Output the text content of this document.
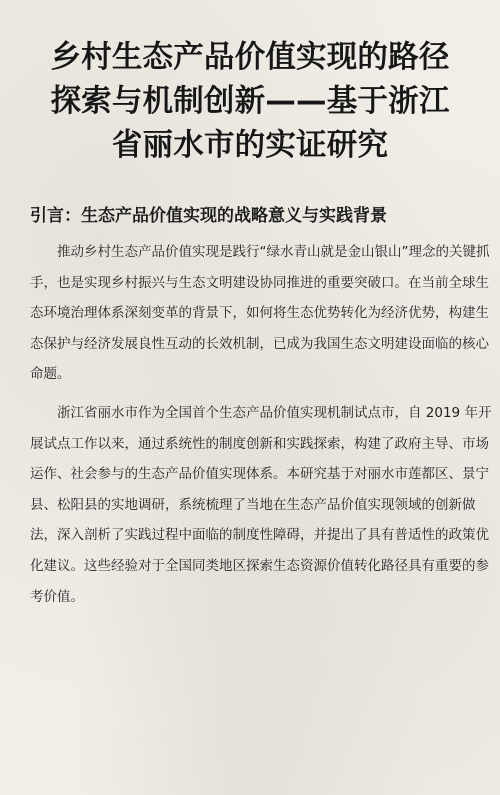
乡村生态产品价值实现的路径
探索与机制创新——基于浙江
省丽水市的实证研究
引言：生态产品价值实现的战略意义与实践背景

推动乡村生态产品价值实现是践行“绿水青山就是金山银山”理念的关键抓
手，也是实现乡村振兴与生态文明建设协同推进的重要突破口。在当前全球生
态环境治理体系深刻变革的背景下，如何将生态优势转化为经济优势，构建生
态保护与经济发展良性互动的长效机制，已成为我国生态文明建设面临的核心
命题。

浙江省丽水市作为全国首个生态产品价值实现机制试点市，自 2019 年开
展试点工作以来，通过系统性的制度创新和实践探索，构建了政府主导、市场
运作、社会参与的生态产品价值实现体系。本研究基于对丽水市莲都区、景宁
县、松阳县的实地调研，系统梳理了当地在生态产品价值实现领域的创新做
法，深入剖析了实践过程中面临的制度性障碍，并提出了具有普适性的政策优
化建议。这些经验对于全国同类地区探索生态资源价值转化路径具有重要的参
考价值。
